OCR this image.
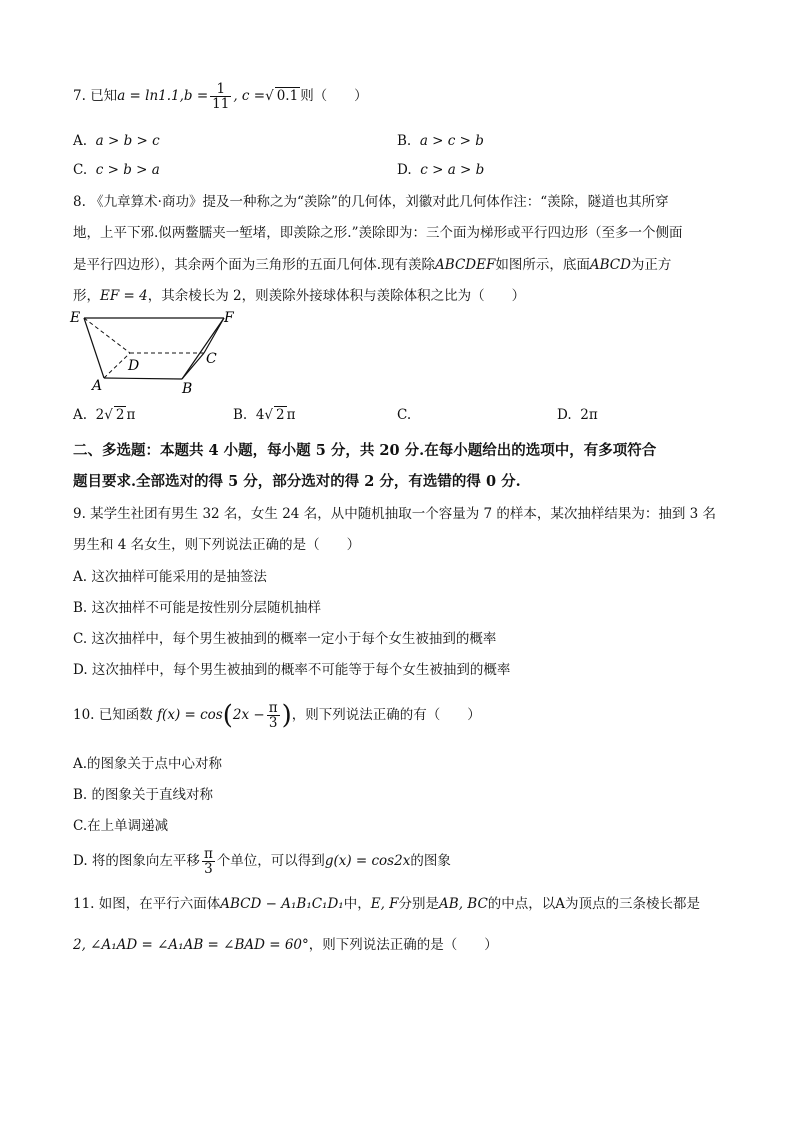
7. 已知$a = \ln 1.1,b = \frac{1}{11}$ , c =√ 0.1 则（　　）
A. a > b > c	B. a > c > b
C. c > b > a	D. c > a > b
8. 《九章算术·商功》提及一种称之为“羡除”的几何体，刘徽对此几何体作注：“羡除，隧道也其所穿
地，上平下邪.似两鳖臑夹一堑堵，即羡除之形.”羡除即为：三个面为梯形或平行四边形（至多一个侧面
是平行四边形），其余两个面为三角形的五面几何体.现有羡除ABCDEF如图所示，底面ABCD为正方
形，EF = 4，其余棱长为 2，则羡除外接球体积与羡除体积之比为（　　）
E	F
D	C
A	B
A. 2√ 2 π	B. 4√ 2 π	C.	D. 2π
二、多选题：本题共 4 小题，每小题 5 分，共 20 分.在每小题给出的选项中，有多项符合
题目要求.全部选对的得 5 分，部分选对的得 2 分，有选错的得 0 分.
9. 某学生社团有男生 32 名，女生 24 名，从中随机抽取一个容量为 7 的样本，某次抽样结果为：抽到 3 名
男生和 4 名女生，则下列说法正确的是（　　）
A. 这次抽样可能采用的是抽签法
B. 这次抽样不可能是按性别分层随机抽样
C. 这次抽样中，每个男生被抽到的概率一定小于每个女生被抽到的概率
D. 这次抽样中，每个男生被抽到的概率不可能等于每个女生被抽到的概率
10. 已知函数 $f(x) = \cos(2x - \frac{\pi}{3}$ )，则下列说法正确的有（　　）
A.的图象关于点中心对称
B. 的图象关于直线对称
C.在上单调递减
D. 将的图象向左平移 $\frac{\pi}{3}$ 个单位，可以得到g(x) = cos2x的图象
11. 如图，在平行六面体ABCD − A₁B₁C₁D₁中，E, F分别是AB, BC的中点，以A为顶点的三条棱长都是
2, ∠A₁AD = ∠A₁AB = ∠BAD = 60°，则下列说法正确的是（　　）
